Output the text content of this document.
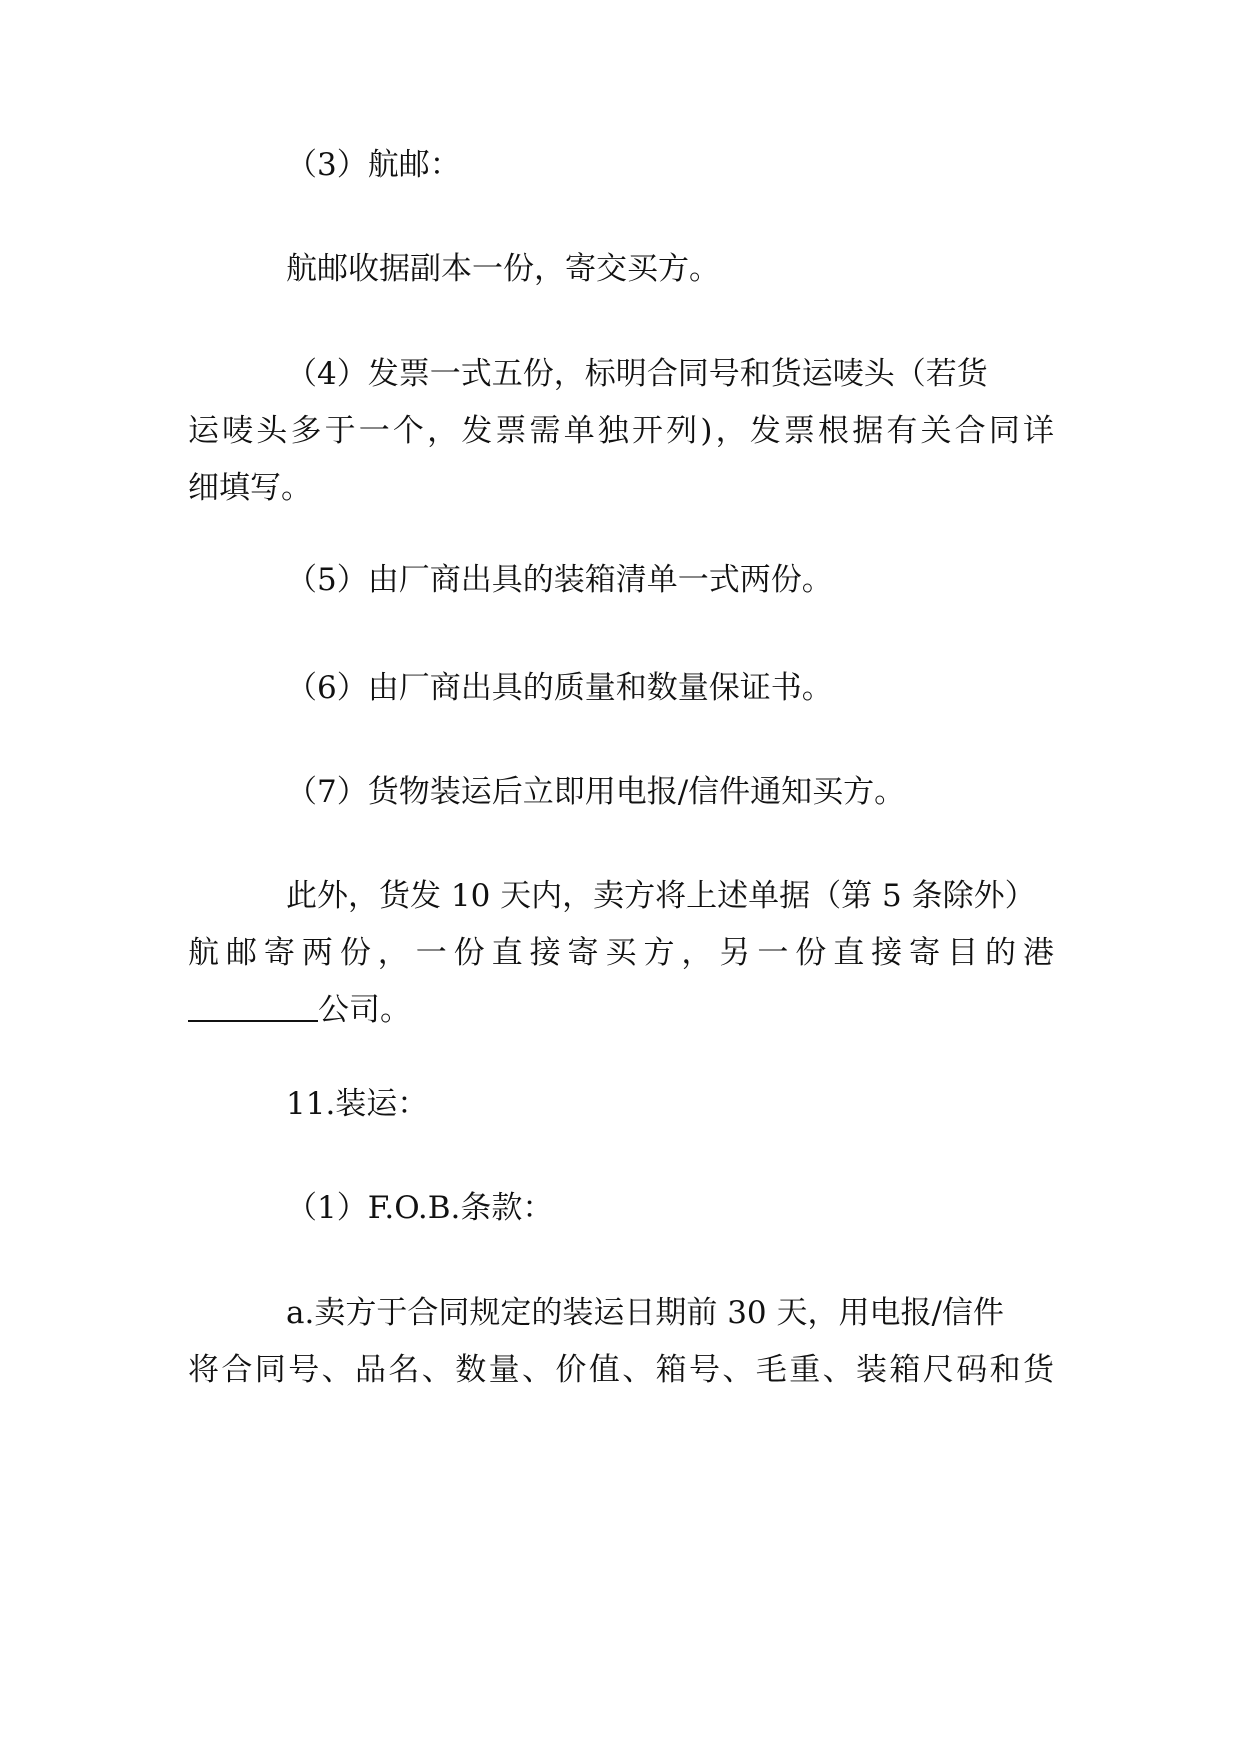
（3）航邮：

航邮收据副本一份，寄交买方。

（4）发票一式五份，标明合同号和货运唛头（若货
运唛头多于一个，发票需单独开列)，发票根据有关合同详
细填写。

（5）由厂商出具的装箱清单一式两份。

（6）由厂商出具的质量和数量保证书。

（7）货物装运后立即用电报/信件通知买方。

此外，货发 10 天内，卖方将上述单据（第 5 条除外）
航邮寄两份，一份直接寄买方，另一份直接寄目的港
公司。

11.装运：

（1）F.O.B.条款：

a.卖方于合同规定的装运日期前 30 天，用电报/信件
将合同号、品名、数量、价值、箱号、毛重、装箱尺码和货
